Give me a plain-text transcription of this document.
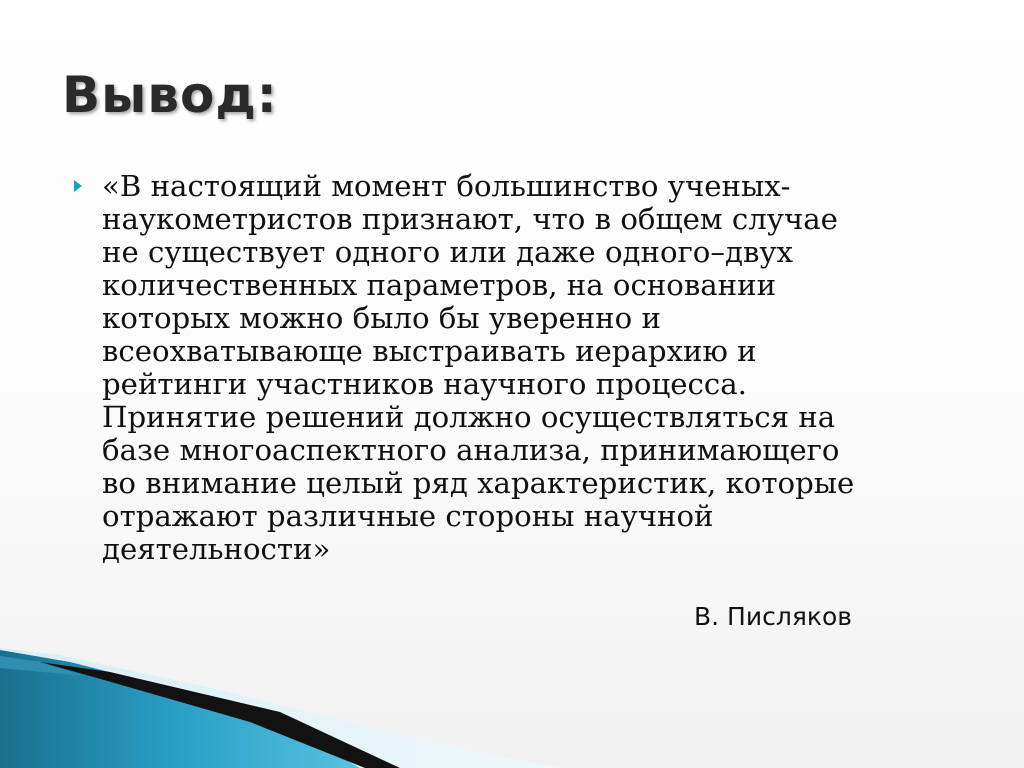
Вывод:

«В настоящий момент большинство ученых-
наукометристов признают, что в общем случае
не существует одного или даже одного–двух
количественных параметров, на основании
которых можно было бы уверенно и
всеохватывающе выстраивать иерархию и
рейтинги участников научного процесса.
Принятие решений должно осуществляться на
базе многоаспектного анализа, принимающего
во внимание целый ряд характеристик, которые
отражают различные стороны научной
деятельности»

В. Писляков
